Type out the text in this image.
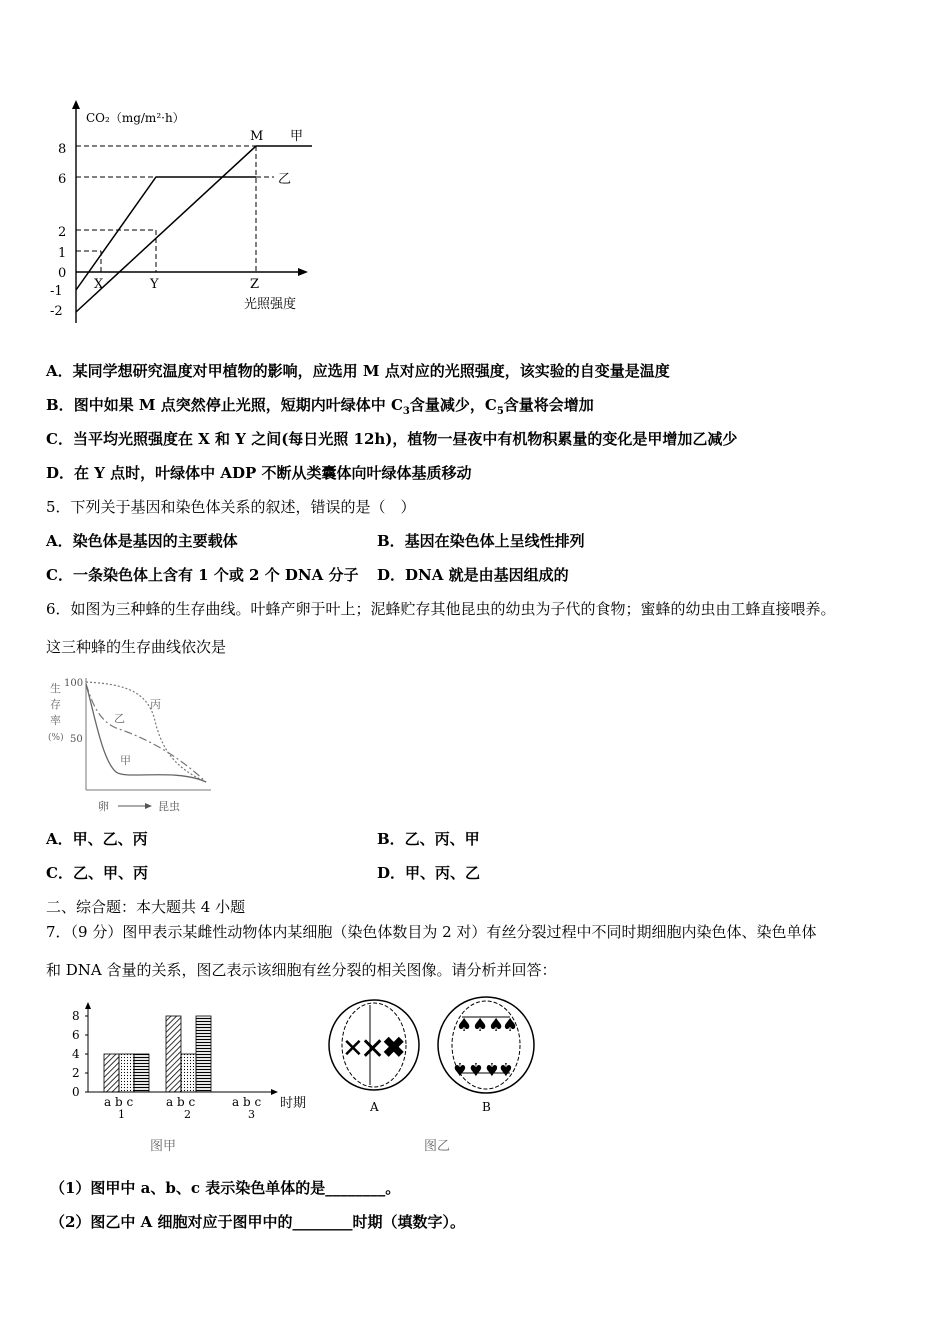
CO₂（mg/m²·h）
8
6
2
1
0
-1
-2
X	Y	Z
光照强度
M 甲
乙
A．某同学想研究温度对甲植物的影响，应选用 M 点对应的光照强度，该实验的自变量是温度
B．图中如果 M 点突然停止光照，短期内叶绿体中 $C_3$含量减少，$C_5$含量将会增加
C．当平均光照强度在 X 和 Y 之间(每日光照 12h)，植物一昼夜中有机物积累量的变化是甲增加乙减少
D．在 Y 点时，叶绿体中 ADP 不断从类囊体向叶绿体基质移动
5．下列关于基因和染色体关系的叙述，错误的是（　）
A．染色体是基因的主要载体	B．基因在染色体上呈线性排列
C．一条染色体上含有 1 个或 2 个 DNA 分子 D．DNA 就是由基因组成的
6．如图为三种蜂的生存曲线。叶蜂产卵于叶上；泥蜂贮存其他昆虫的幼虫为子代的食物；蜜蜂的幼虫由工蜂直接喂养。
这三种蜂的生存曲线依次是
生
存
率
(%)
100
50
丙
乙
甲
卵	昆虫
A．甲、乙、丙	B．乙、丙、甲
C．乙、甲、丙	D．甲、丙、乙
二、综合题：本大题共 4 小题
7．（9 分）图甲表示某雌性动物体内某细胞（染色体数目为 2 对）有丝分裂过程中不同时期细胞内染色体、染色单体
和 DNA 含量的关系，图乙表示该细胞有丝分裂的相关图像。请分析并回答：
8
6
4
2
0
时期
a b c	a b c	a b c
1	2	3
图甲
✕
✕
✖
A
♠ ♠ ♠
♠
♠ ♠ ♠
♠
B
图乙
（1）图甲中 a、b、c 表示染色单体的是________。
（2）图乙中 A 细胞对应于图甲中的________时期（填数字）。
